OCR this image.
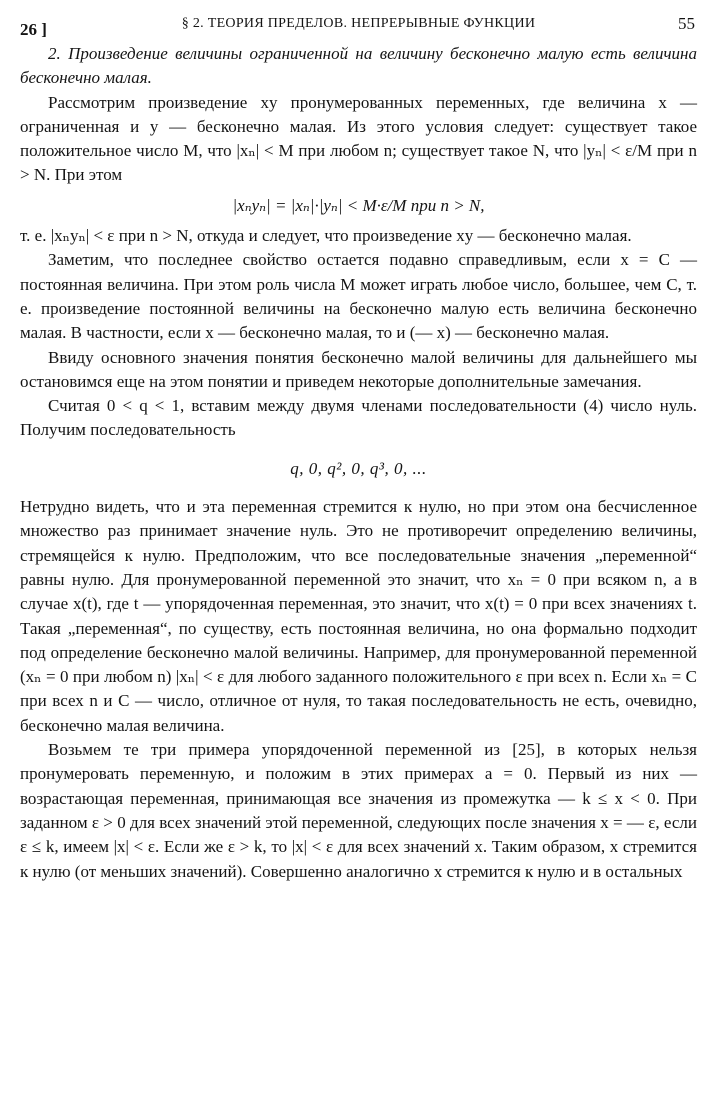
26 ]	§ 2. ТЕОРИЯ ПРЕДЕЛОВ. НЕПРЕРЫВНЫЕ ФУНКЦИИ	55

2. Произведение величины ограниченной на величину бесконечно малую есть величина бесконечно малая.

Рассмотрим произведение xy пронумерованных переменных, где величина x — ограниченная и y — бесконечно малая. Из этого условия следует: существует такое положительное число M, что |xₙ| < M при любом n; существует такое N, что |yₙ| < ε/M при n > N. При этом

|xₙyₙ| = |xₙ|·|yₙ| < M·ε/M при n > N,

т. е. |xₙyₙ| < ε при n > N, откуда и следует, что произведение xy — бесконечно малая.

Заметим, что последнее свойство остается подавно справедливым, если x = C — постоянная величина. При этом роль числа M может играть любое число, большее, чем C, т. е. произведение постоянной величины на бесконечно малую есть величина бесконечно малая. В частности, если x — бесконечно малая, то и (— x) — бесконечно малая.

Ввиду основного значения понятия бесконечно малой величины для дальнейшего мы остановимся еще на этом понятии и приведем некоторые дополнительные замечания.

Считая 0 < q < 1, вставим между двумя членами последовательности (4) число нуль. Получим последовательность

q, 0, q², 0, q³, 0, ...

Нетрудно видеть, что и эта переменная стремится к нулю, но при этом она бесчисленное множество раз принимает значение нуль. Это не противоречит определению величины, стремящейся к нулю. Предположим, что все последовательные значения „переменной“ равны нулю. Для пронумерованной переменной это значит, что xₙ = 0 при всяком n, а в случае x(t), где t — упорядоченная переменная, это значит, что x(t) = 0 при всех значениях t. Такая „переменная“, по существу, есть постоянная величина, но она формально подходит под определение бесконечно малой величины. Например, для пронумерованной переменной (xₙ = 0 при любом n) |xₙ| < ε для любого заданного положительного ε при всех n. Если xₙ = C при всех n и C — число, отличное от нуля, то такая последовательность не есть, очевидно, бесконечно малая величина.

Возьмем те три примера упорядоченной переменной из [25], в которых нельзя пронумеровать переменную, и положим в этих примерах a = 0. Первый из них — возрастающая переменная, принимающая все значения из промежутка — k ≤ x < 0. При заданном ε > 0 для всех значений этой переменной, следующих после значения x = — ε, если ε ≤ k, имеем |x| < ε. Если же ε > k, то |x| < ε для всех значений x. Таким образом, x стремится к нулю (от меньших значений). Совершенно аналогично x стремится к нулю и в остальных
